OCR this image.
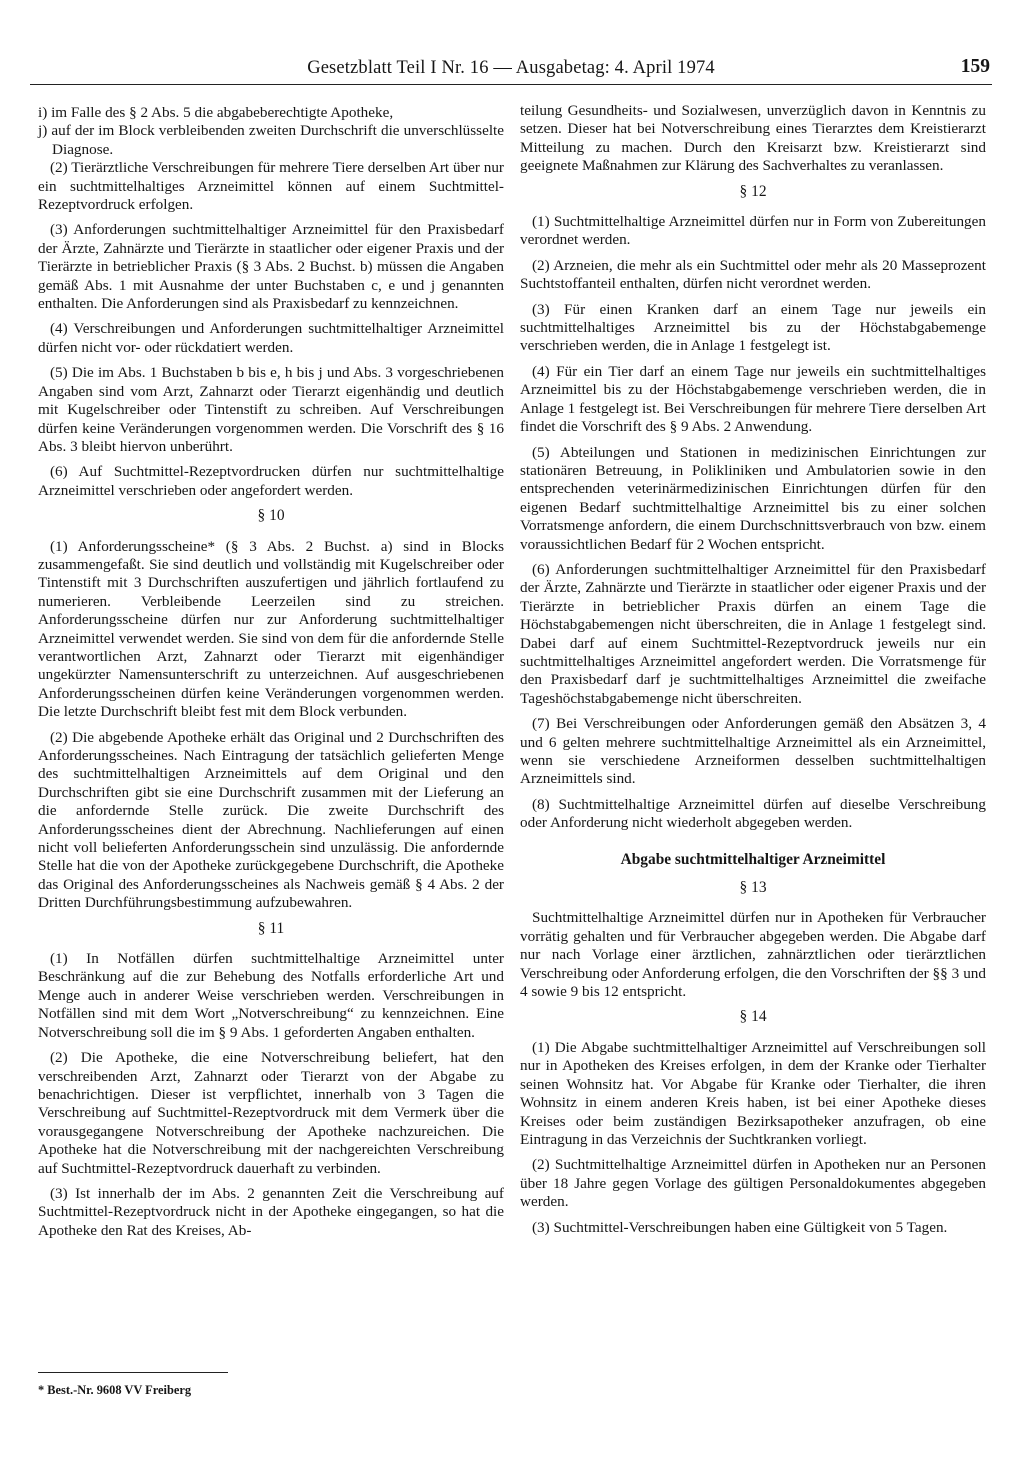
Gesetzblatt Teil I Nr. 16 — Ausgabetag: 4. April 1974	159
i) im Falle des § 2 Abs. 5 die abgabeberechtigte Apotheke,
j) auf der im Block verbleibenden zweiten Durchschrift die unverschlüsselte Diagnose.

(2) Tierärztliche Verschreibungen für mehrere Tiere derselben Art über nur ein suchtmittelhaltiges Arzneimittel können auf einem Suchtmittel-Rezeptvordruck erfolgen.

(3) Anforderungen suchtmittelhaltiger Arzneimittel für den Praxisbedarf der Ärzte, Zahnärzte und Tierärzte in staatlicher oder eigener Praxis und der Tierärzte in betrieblicher Praxis (§ 3 Abs. 2 Buchst. b) müssen die Angaben gemäß Abs. 1 mit Ausnahme der unter Buchstaben c, e und j genannten enthalten. Die Anforderungen sind als Praxisbedarf zu kennzeichnen.

(4) Verschreibungen und Anforderungen suchtmittelhaltiger Arzneimittel dürfen nicht vor- oder rückdatiert werden.

(5) Die im Abs. 1 Buchstaben b bis e, h bis j und Abs. 3 vorgeschriebenen Angaben sind vom Arzt, Zahnarzt oder Tierarzt eigenhändig und deutlich mit Kugelschreiber oder Tintenstift zu schreiben. Auf Verschreibungen dürfen keine Veränderungen vorgenommen werden. Die Vorschrift des § 16 Abs. 3 bleibt hiervon unberührt.

(6) Auf Suchtmittel-Rezeptvordrucken dürfen nur suchtmittelhaltige Arzneimittel verschrieben oder angefordert werden.

§ 10

(1) Anforderungsscheine* (§ 3 Abs. 2 Buchst. a) sind in Blocks zusammengefaßt. Sie sind deutlich und vollständig mit Kugelschreiber oder Tintenstift mit 3 Durchschriften auszufertigen und jährlich fortlaufend zu numerieren. Verbleibende Leerzeilen sind zu streichen. Anforderungsscheine dürfen nur zur Anforderung suchtmittelhaltiger Arzneimittel verwendet werden. Sie sind von dem für die anfordernde Stelle verantwortlichen Arzt, Zahnarzt oder Tierarzt mit eigenhändiger ungekürzter Namensunterschrift zu unterzeichnen. Auf ausgeschriebenen Anforderungsscheinen dürfen keine Veränderungen vorgenommen werden. Die letzte Durchschrift bleibt fest mit dem Block verbunden.

(2) Die abgebende Apotheke erhält das Original und 2 Durchschriften des Anforderungsscheines. Nach Eintragung der tatsächlich gelieferten Menge des suchtmittelhaltigen Arzneimittels auf dem Original und den Durchschriften gibt sie eine Durchschrift zusammen mit der Lieferung an die anfordernde Stelle zurück. Die zweite Durchschrift des Anforderungsscheines dient der Abrechnung. Nachlieferungen auf einen nicht voll belieferten Anforderungsschein sind unzulässig. Die anfordernde Stelle hat die von der Apotheke zurückgegebene Durchschrift, die Apotheke das Original des Anforderungsscheines als Nachweis gemäß § 4 Abs. 2 der Dritten Durchführungsbestimmung aufzubewahren.

§ 11

(1) In Notfällen dürfen suchtmittelhaltige Arzneimittel unter Beschränkung auf die zur Behebung des Notfalls erforderliche Art und Menge auch in anderer Weise verschrieben werden. Verschreibungen in Notfällen sind mit dem Wort „Notverschreibung“ zu kennzeichnen. Eine Notverschreibung soll die im § 9 Abs. 1 geforderten Angaben enthalten.

(2) Die Apotheke, die eine Notverschreibung beliefert, hat den verschreibenden Arzt, Zahnarzt oder Tierarzt von der Abgabe zu benachrichtigen. Dieser ist verpflichtet, innerhalb von 3 Tagen die Verschreibung auf Suchtmittel-Rezeptvordruck mit dem Vermerk über die vorausgegangene Notverschreibung der Apotheke nachzureichen. Die Apotheke hat die Notverschreibung mit der nachgereichten Verschreibung auf Suchtmittel-Rezeptvordruck dauerhaft zu verbinden.

(3) Ist innerhalb der im Abs. 2 genannten Zeit die Verschreibung auf Suchtmittel-Rezeptvordruck nicht in der Apotheke eingegangen, so hat die Apotheke den Rat des Kreises, Ab-

teilung Gesundheits- und Sozialwesen, unverzüglich davon in Kenntnis zu setzen. Dieser hat bei Notverschreibung eines Tierarztes dem Kreistierarzt Mitteilung zu machen. Durch den Kreisarzt bzw. Kreistierarzt sind geeignete Maßnahmen zur Klärung des Sachverhaltes zu veranlassen.

§ 12

(1) Suchtmittelhaltige Arzneimittel dürfen nur in Form von Zubereitungen verordnet werden.

(2) Arzneien, die mehr als ein Suchtmittel oder mehr als 20 Masseprozent Suchtstoffanteil enthalten, dürfen nicht verordnet werden.

(3) Für einen Kranken darf an einem Tage nur jeweils ein suchtmittelhaltiges Arzneimittel bis zu der Höchstabgabemenge verschrieben werden, die in Anlage 1 festgelegt ist.

(4) Für ein Tier darf an einem Tage nur jeweils ein suchtmittelhaltiges Arzneimittel bis zu der Höchstabgabemenge verschrieben werden, die in Anlage 1 festgelegt ist. Bei Verschreibungen für mehrere Tiere derselben Art findet die Vorschrift des § 9 Abs. 2 Anwendung.

(5) Abteilungen und Stationen in medizinischen Einrichtungen zur stationären Betreuung, in Polikliniken und Ambulatorien sowie in den entsprechenden veterinärmedizinischen Einrichtungen dürfen für den eigenen Bedarf suchtmittelhaltige Arzneimittel bis zu einer solchen Vorratsmenge anfordern, die einem Durchschnittsverbrauch von bzw. einem voraussichtlichen Bedarf für 2 Wochen entspricht.

(6) Anforderungen suchtmittelhaltiger Arzneimittel für den Praxisbedarf der Ärzte, Zahnärzte und Tierärzte in staatlicher oder eigener Praxis und der Tierärzte in betrieblicher Praxis dürfen an einem Tage die Höchstabgabemengen nicht überschreiten, die in Anlage 1 festgelegt sind. Dabei darf auf einem Suchtmittel-Rezeptvordruck jeweils nur ein suchtmittelhaltiges Arzneimittel angefordert werden. Die Vorratsmenge für den Praxisbedarf darf je suchtmittelhaltiges Arzneimittel die zweifache Tageshöchstabgabemenge nicht überschreiten.

(7) Bei Verschreibungen oder Anforderungen gemäß den Absätzen 3, 4 und 6 gelten mehrere suchtmittelhaltige Arzneimittel als ein Arzneimittel, wenn sie verschiedene Arzneiformen desselben suchtmittelhaltigen Arzneimittels sind.

(8) Suchtmittelhaltige Arzneimittel dürfen auf dieselbe Verschreibung oder Anforderung nicht wiederholt abgegeben werden.

Abgabe suchtmittelhaltiger Arzneimittel
§ 13

Suchtmittelhaltige Arzneimittel dürfen nur in Apotheken für Verbraucher vorrätig gehalten und für Verbraucher abgegeben werden. Die Abgabe darf nur nach Vorlage einer ärztlichen, zahnärztlichen oder tierärztlichen Verschreibung oder Anforderung erfolgen, die den Vorschriften der §§ 3 und 4 sowie 9 bis 12 entspricht.

§ 14

(1) Die Abgabe suchtmittelhaltiger Arzneimittel auf Verschreibungen soll nur in Apotheken des Kreises erfolgen, in dem der Kranke oder Tierhalter seinen Wohnsitz hat. Vor Abgabe für Kranke oder Tierhalter, die ihren Wohnsitz in einem anderen Kreis haben, ist bei einer Apotheke dieses Kreises oder beim zuständigen Bezirksapotheker anzufragen, ob eine Eintragung in das Verzeichnis der Suchtkranken vorliegt.

(2) Suchtmittelhaltige Arzneimittel dürfen in Apotheken nur an Personen über 18 Jahre gegen Vorlage des gültigen Personaldokumentes abgegeben werden.

(3) Suchtmittel-Verschreibungen haben eine Gültigkeit von 5 Tagen.

* Best.-Nr. 9608 VV Freiberg
